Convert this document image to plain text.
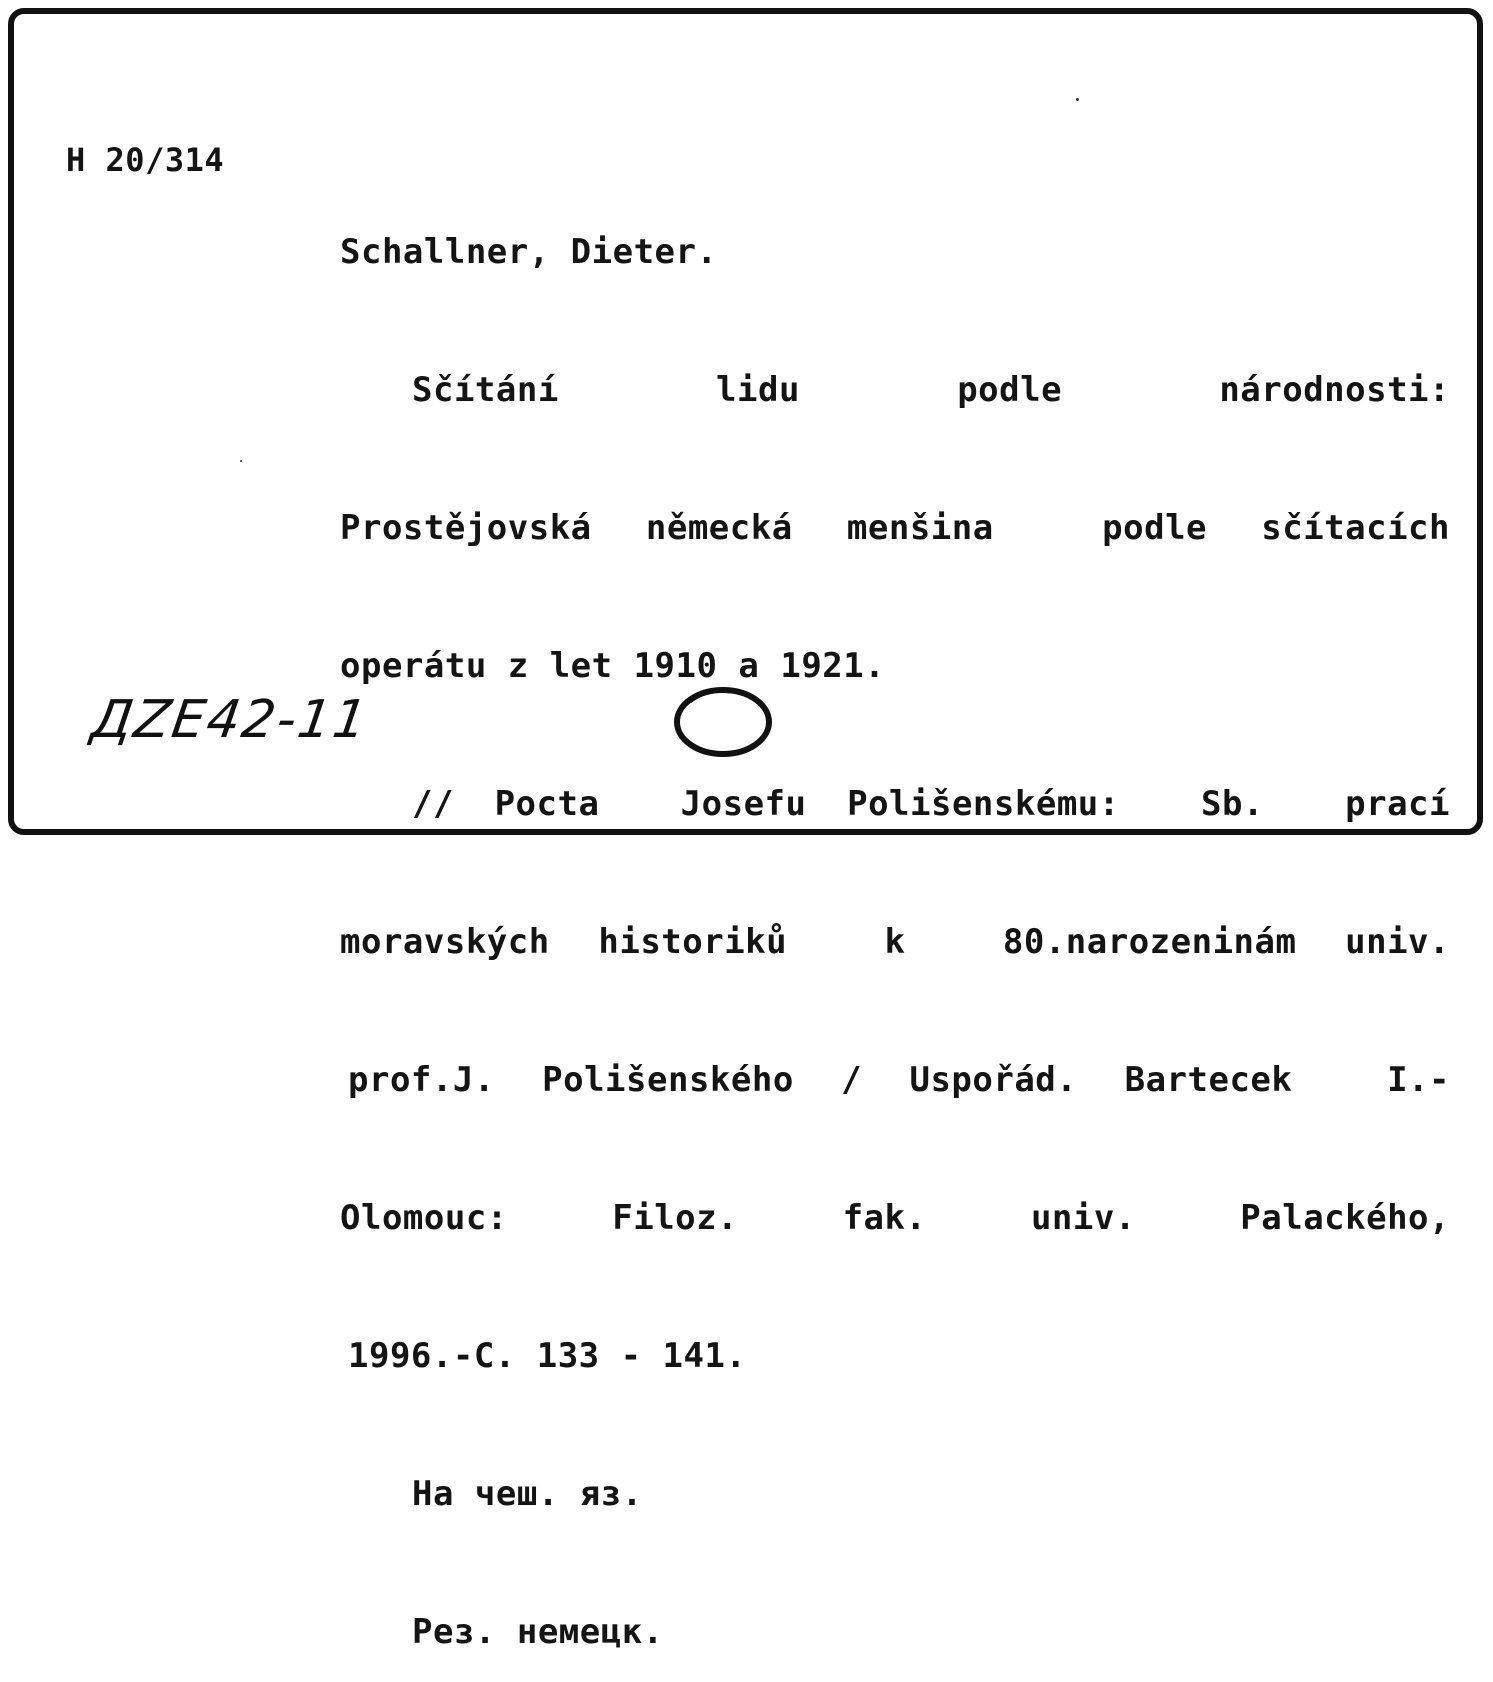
Н 20/314

Schallner, Dieter.

Sčítání   lidu   podle   národnosti:

Prostějovská německá menšina  podle sčítacích

operátu z let 1910 a 1921.

// Pocta  Josefu Polišenskému:  Sb.  prací

moravských historiků  k  80.narozeninám univ.

prof.J. Polišenského / Uspořád. Bartecek  I.-

Olomouc:   Filoz.   fak.   univ.   Palackého,

1996.-C. 133 - 141.

На чеш. яз.

Рез. немецк.

ДZE42-11
